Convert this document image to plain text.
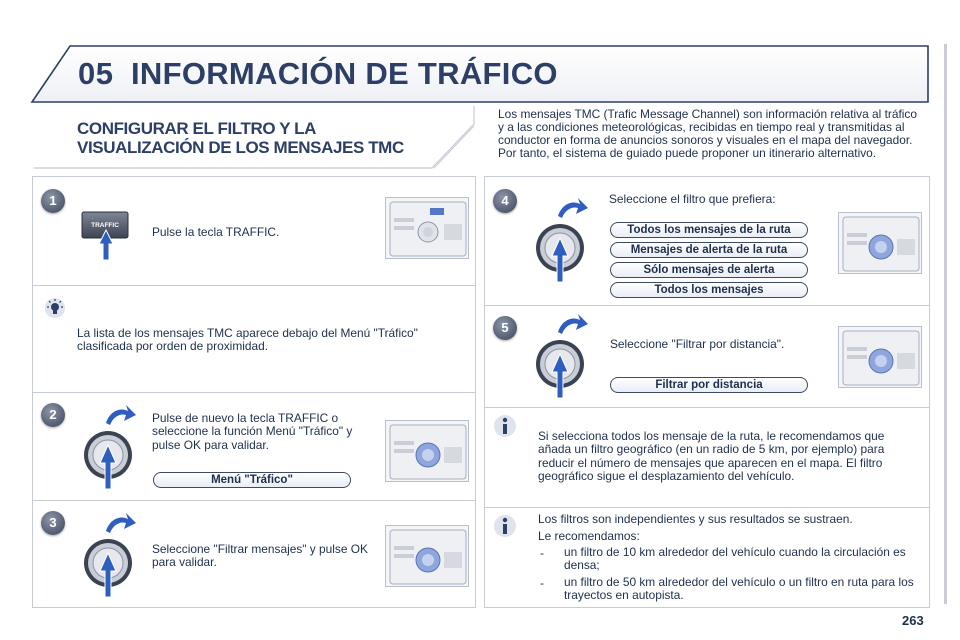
05 INFORMACIÓN DE TRÁFICO
CONFIGURAR EL FILTRO Y LA
VISUALIZACIÓN DE LOS MENSAJES TMC
Los mensajes TMC (Trafic Message Channel) son información relativa al tráfico y a las condiciones meteorológicas, recibidas en tiempo real y transmitidas al conductor en forma de anuncios sonoros y visuales en el mapa del navegador.
Por tanto, el sistema de guiado puede proponer un itinerario alternativo.
1
TRAFFIC	Pulse la tecla TRAFFIC.
La lista de los mensajes TMC aparece debajo del Menú "Tráfico" clasificada por orden de proximidad.
2	Pulse de nuevo la tecla TRAFFIC o seleccione la función Menú "Tráfico" y pulse OK para validar.
Menú "Tráfico"
3
Seleccione "Filtrar mensajes" y pulse OK para validar.
4	Seleccione el filtro que prefiera:
Todos los mensajes de la ruta
Mensajes de alerta de la ruta
Sólo mensajes de alerta
Todos los mensajes
5
Seleccione "Filtrar por distancia".
Filtrar por distancia
Si selecciona todos los mensaje de la ruta, le recomendamos que añada un filtro geográfico (en un radio de 5 km, por ejemplo) para reducir el número de mensajes que aparecen en el mapa. El filtro geográfico sigue el desplazamiento del vehículo.
Los filtros son independientes y sus resultados se sustraen.
Le recomendamos:
- un filtro de 10 km alrededor del vehículo cuando la circulación es densa;
- un filtro de 50 km alrededor del vehículo o un filtro en ruta para los trayectos en autopista.
263
